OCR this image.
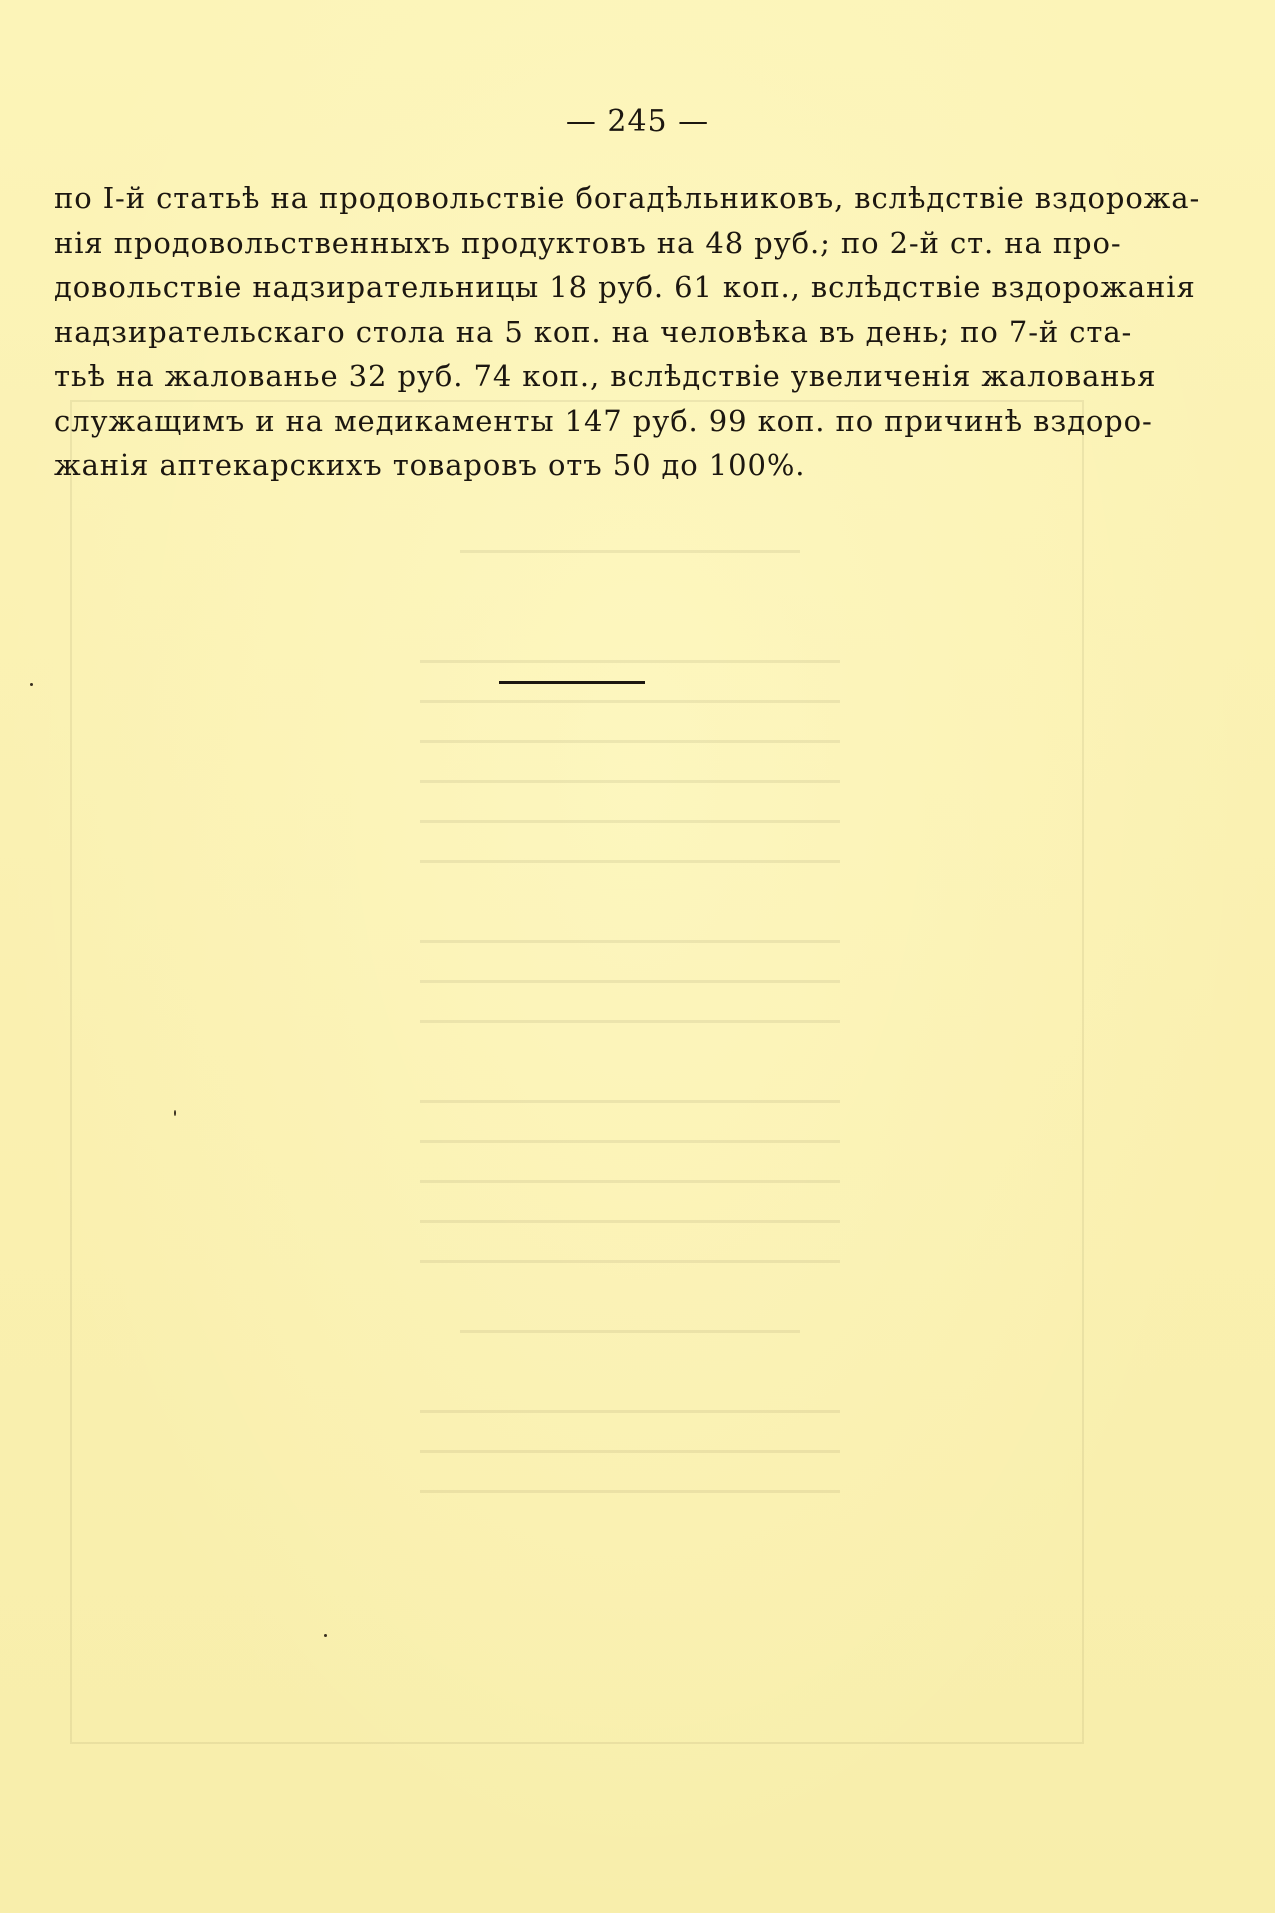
— 245 —
по I-й статьѣ на продовольствіе богадѣльниковъ, вслѣдствіе вздорожа-
нія продовольственныхъ продуктовъ на 48 руб.; по 2-й ст. на про-
довольствіе надзирательницы 18 руб. 61 коп., вслѣдствіе вздорожанія
надзирательскаго стола на 5 коп. на человѣка въ день; по 7-й ста-
тьѣ на жалованье 32 руб. 74 коп., вслѣдствіе увеличенія жалованья
служащимъ и на медикаменты 147 руб. 99 коп. по причинѣ вздоро-
жанія аптекарскихъ товаровъ отъ 50 до 100%.
